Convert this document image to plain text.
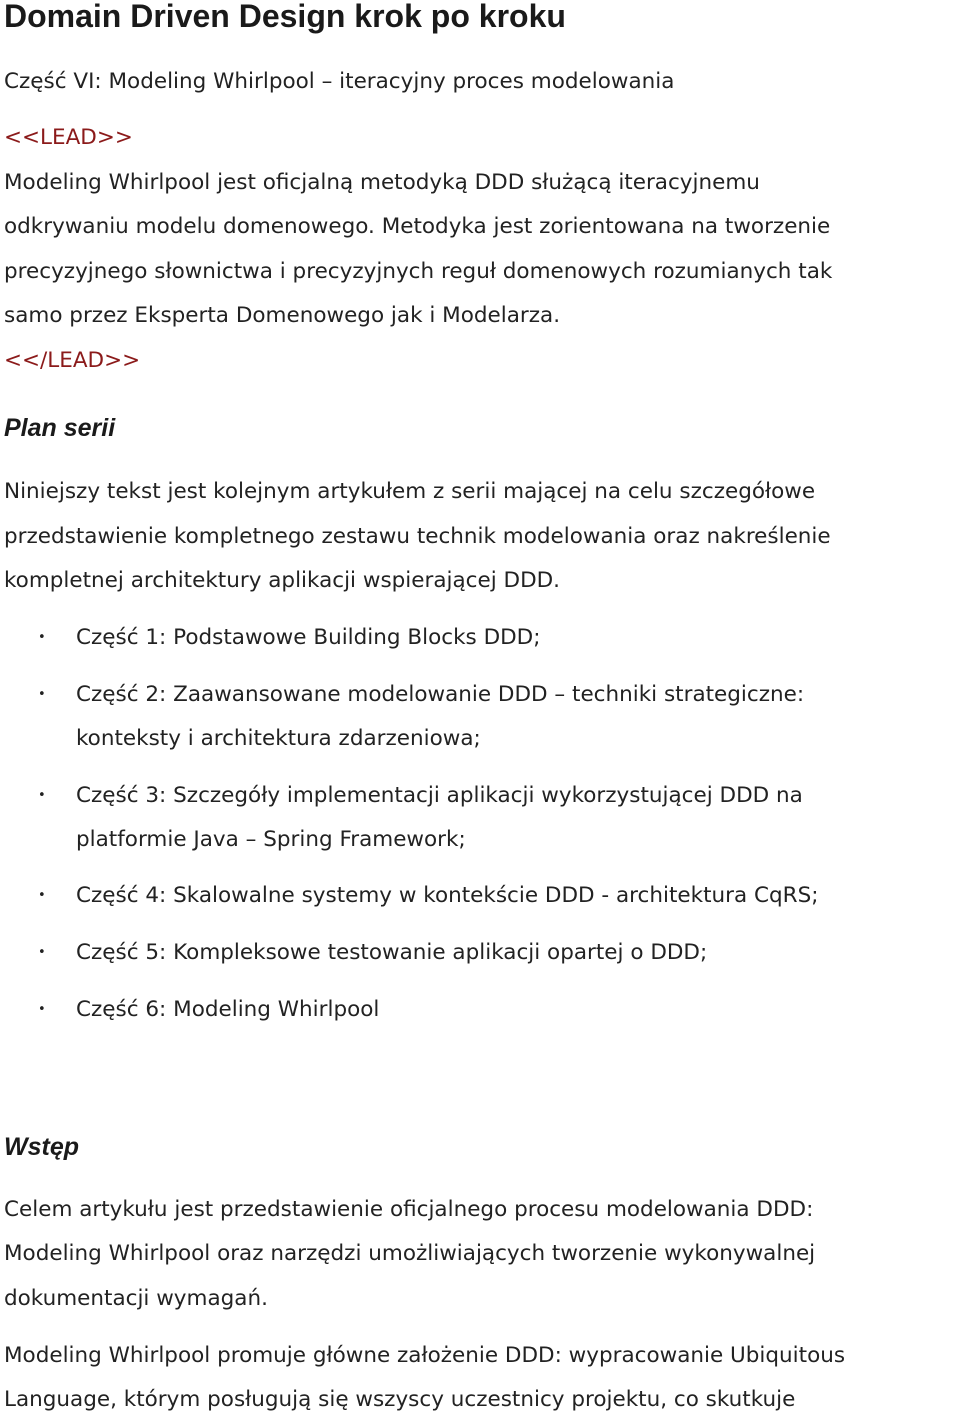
Domain Driven Design krok po kroku

Część VI: Modeling Whirlpool – iteracyjny proces modelowania

<<LEAD>>

Modeling Whirlpool jest oficjalną metodyką DDD służącą iteracyjnemu

odkrywaniu modelu domenowego. Metodyka jest zorientowana na tworzenie

precyzyjnego słownictwa i precyzyjnych reguł domenowych rozumianych tak

samo przez Eksperta Domenowego jak i Modelarza.

<</LEAD>>

Plan serii

Niniejszy tekst jest kolejnym artykułem z serii mającej na celu szczegółowe

przedstawienie kompletnego zestawu technik modelowania oraz nakreślenie

kompletnej architektury aplikacji wspierającej DDD.

• Część 1: Podstawowe Building Blocks DDD;
• Część 2: Zaawansowane modelowanie DDD – techniki strategiczne:
konteksty i architektura zdarzeniowa;
• Część 3: Szczegóły implementacji aplikacji wykorzystującej DDD na
platformie Java – Spring Framework;
• Część 4: Skalowalne systemy w kontekście DDD - architektura CqRS;
• Część 5: Kompleksowe testowanie aplikacji opartej o DDD;
• Część 6: Modeling Whirlpool
Wstęp

Celem artykułu jest przedstawienie oficjalnego procesu modelowania DDD:

Modeling Whirlpool oraz narzędzi umożliwiających tworzenie wykonywalnej

dokumentacji wymagań.

Modeling Whirlpool promuje główne założenie DDD: wypracowanie Ubiquitous

Language, którym posługują się wszyscy uczestnicy projektu, co skutkuje
